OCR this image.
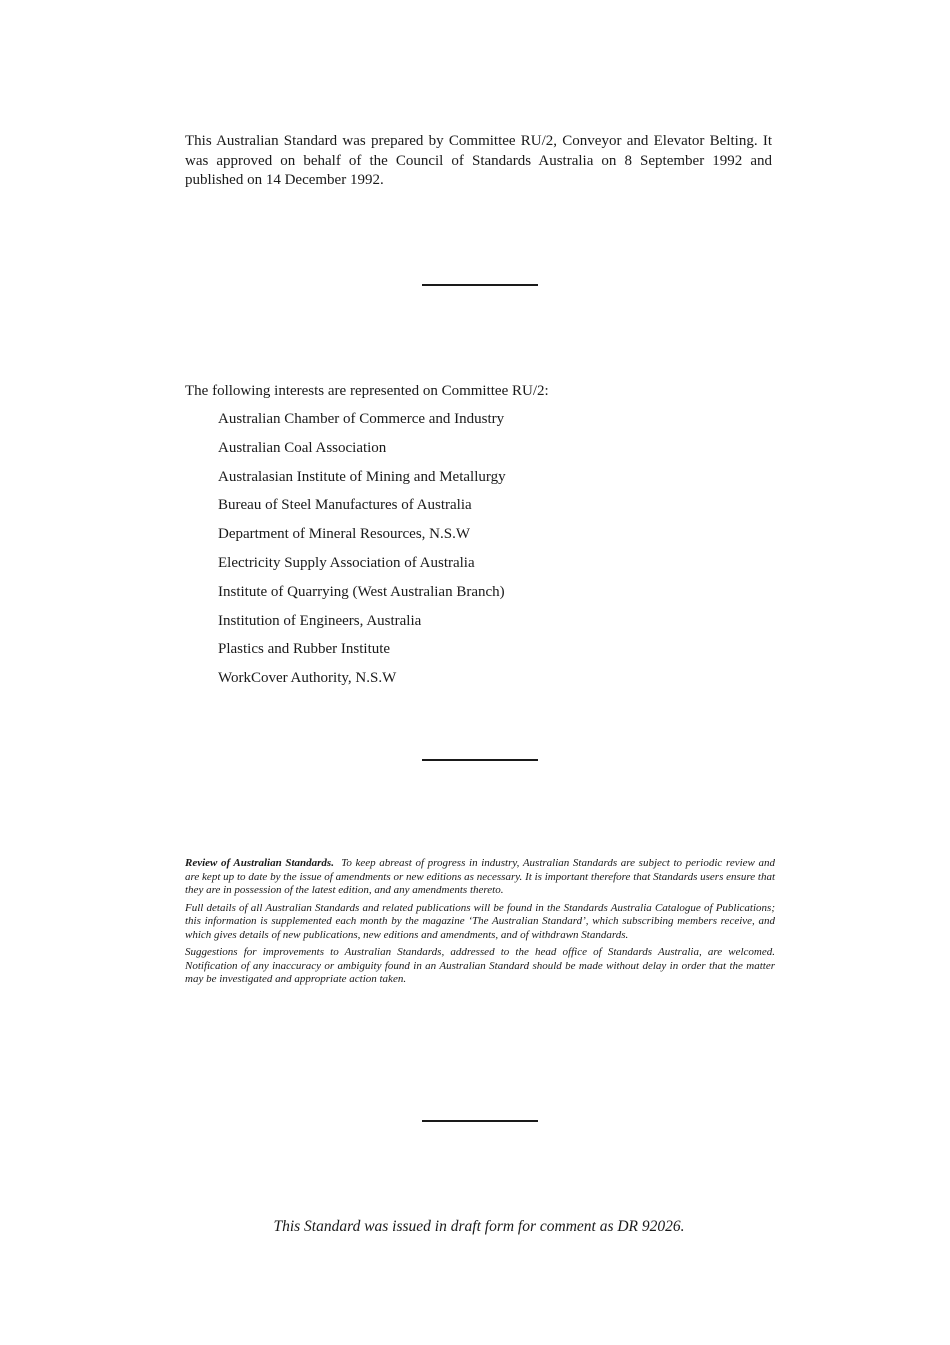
This Australian Standard was prepared by Committee RU/2, Conveyor and Elevator Belting. It was approved on behalf of the Council of Standards Australia on 8 September 1992 and published on 14 December 1992.

The following interests are represented on Committee RU/2:

Australian Chamber of Commerce and Industry
Australian Coal Association
Australasian Institute of Mining and Metallurgy
Bureau of Steel Manufactures of Australia
Department of Mineral Resources, N.S.W
Electricity Supply Association of Australia
Institute of Quarrying (West Australian Branch)
Institution of Engineers, Australia
Plastics and Rubber Institute
WorkCover Authority, N.S.W

Review of Australian Standards. To keep abreast of progress in industry, Australian Standards are subject to periodic review and are kept up to date by the issue of amendments or new editions as necessary. It is important therefore that Standards users ensure that they are in possession of the latest edition, and any amendments thereto.

Full details of all Australian Standards and related publications will be found in the Standards Australia Catalogue of Publications; this information is supplemented each month by the magazine ‘The Australian Standard’, which subscribing members receive, and which gives details of new publications, new editions and amendments, and of withdrawn Standards.

Suggestions for improvements to Australian Standards, addressed to the head office of Standards Australia, are welcomed. Notification of any inaccuracy or ambiguity found in an Australian Standard should be made without delay in order that the matter may be investigated and appropriate action taken.

This Standard was issued in draft form for comment as DR 92026.
